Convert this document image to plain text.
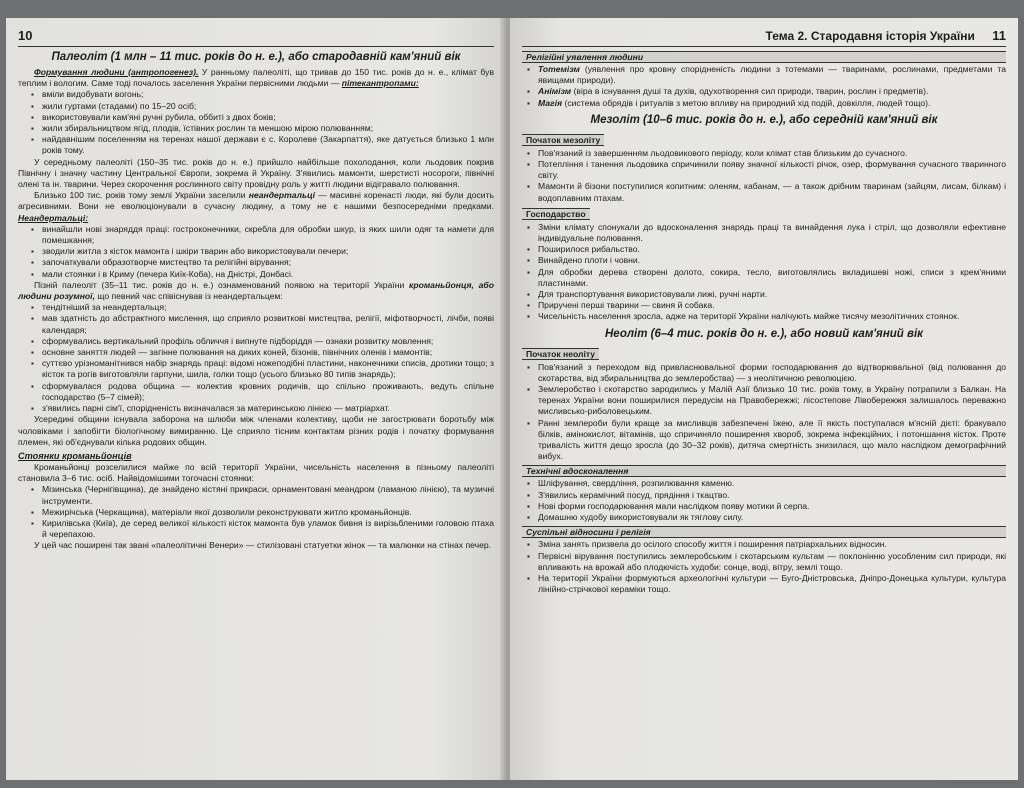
10
Палеоліт (1 млн – 11 тис. років до н. е.), або стародавній кам'яний вік

Формування людини (антропогенез). У ранньому палеоліті, що тривав до 150 тис. років до н. е., клімат був теплим і вологим. Саме тоді почалось заселення України первісними людьми — пітекантропами:

▪ вміли видобувати вогонь;
▪ жили гуртами (стадами) по 15–20 осіб;
▪ використовували кам'яні ручні рубила, оббиті з двох боків;
▪ жили збиральництвом ягід, плодів, їстівних рослин та меншою мірою полюванням;
▪ найдавнішим поселенням на теренах нашої держави є с. Королеве (Закарпаття), яке датується близько 1 млн років тому.

У середньому палеоліті (150–35 тис. років до н. е.) прийшло найбільше похолодання, коли льодовик покрив Північну і значну частину Центральної Європи, зокрема й Україну. З'явились мамонти, шерстисті носороги, північні олені та ін. тварини. Через скорочення рослинного світу провідну роль у житті людини відігравало полювання.

Близько 100 тис. років тому землі України заселили неандертальці — масивні коренасті люди, які були досить агресивними. Вони не еволюціонували в сучасну людину, а тому не є нашими безпосередніми предками. Неандертальці:

▪ винайшли нові знаряддя праці: гостроконечники, скребла для обробки шкур, із яких шили одяг та намети для помешкання;
▪ зводили житла з кісток мамонта і шкіри тварин або використовували печери;
▪ започаткували образотворче мистецтво та релігійні вірування;
▪ мали стоянки і в Криму (печера Киїк-Коба), на Дністрі, Донбасі.

Пізній палеоліт (35–11 тис. років до н. е.) ознаменований появою на території України кроманьйонця, або людини розумної, що певний час співіснував із неандертальцем:

▪ тендітніший за неандертальця;
▪ мав здатність до абстрактного мислення, що сприяло розвиткові мистецтва, релігії, міфотворчості, лічби, появі календаря;
▪ сформувались вертикальний профіль обличчя і випнуте підборіддя — ознаки розвитку мовлення;
▪ основне заняття людей — загінне полювання на диких коней, бізонів, північних оленів і мамонтів;
▪ суттєво урізноманітнився набір знарядь праці: відомі ножеподібні пластини, наконечники списів, дротики тощо; з кісток та рогів виготовляли гарпуни, шила, голки тощо (усього близько 80 типів знарядь);
▪ сформувалася родова община — колектив кровних родичів, що спільно проживають, ведуть спільне господарство (5–7 сімей);
▪ з'явились парні сім'ї, спорідненість визначалася за материнською лінією — матріархат.

Усередині общини існувала заборона на шлюби між членами колективу, щоби не загострювати боротьбу між чоловіками і запобігти біологічному вимиранню. Це сприяло тісним контактам різних родів і початку формування племен, які об'єднували кілька родових общин.

Стоянки кроманьйонців

Кроманьйонці розселилися майже по всій території України, чисельність населення в пізньому палеоліті становила 3–6 тис. осіб. Найвідомішими тогочасні стоянки:

▪ Мізинська (Чернігівщина), де знайдено кістяні прикраси, орнаментовані меандром (ламаною лінією), та музичні інструменти.
▪ Межирічська (Черкащина), матеріали якої дозволили реконструювати житло кроманьйонців.
▪ Кирилівська (Київ), де серед великої кількості кісток мамонта був уламок бивня із вирізьбленими головою птаха й черепахою.

У цей час поширені так звані «палеолітичні Венери» — стилізовані статуетки жінок — та малюнки на стінах печер.

Тема 2. Стародавня історія України 11
Релігійні уявлення людини
▪ Тотемізм (уявлення про кровну спорідненість людини з тотемами — тваринами, рослинами, предметами та явищами природи).
▪ Анімізм (віра в існування душі та духів, одухотворення сил природи, тварин, рослин і предметів).
▪ Магія (система обрядів і ритуалів з метою впливу на природний хід подій, довкілля, людей тощо).
Мезоліт (10–6 тис. років до н. е.), або середній кам'яний вік
Початок мезоліту
▪ Пов'язаний із завершенням льодовикового періоду, коли клімат став близьким до сучасного.
▪ Потепління і танення льодовика спричинили появу значної кількості річок, озер, формування сучасного тваринного світу.
▪ Мамонти й бізони поступилися копитним: оленям, кабанам, — а також дрібним тваринам (зайцям, лисам, білкам) і водоплавним птахам.
Господарство
▪ Зміни клімату спонукали до вдосконалення знарядь праці та винайдення лука і стріл, що дозволяли ефективне індивідуальне полювання.
▪ Поширилося рибальство.
▪ Винайдено плоти і човни.
▪ Для обробки дерева створені долото, сокира, тесло, виготовлялись вкладишеві ножі, списи з крем'яними пластинами.
▪ Для транспортування використовували лижі, ручні нарти.
▪ Приручені перші тварини — свиня й собака.
▪ Чисельність населення зросла, адже на території України налічують майже тисячу мезолітичних стоянок.
Неоліт (6–4 тис. років до н. е.), або новий кам'яний вік
Початок неоліту
▪ Пов'язаний з переходом від привласнювальної форми господарювання до відтворювальної (від полювання до скотарства, від збиральництва до землеробства) — з неолітичною революцією.
▪ Землеробство і скотарство зародились у Малій Азії близько 10 тис. років тому, в Україну потрапили з Балкан. На теренах України вони поширилися передусім на Правобережжі; лісостепове Лівобережжя залишалось переважно мисливсько-риболовецьким.
▪ Ранні землероби були краще за мисливців забезпечені їжею, але її якість поступалася м'ясній дієті: бракувало білків, амінокислот, вітамінів, що спричиняло поширення хвороб, зокрема інфекційних, і потоншання кісток. Проте тривалість життя дещо зросла (до 30–32 років), дитяча смертність знизилася, що мало наслідком демографічний вибух.
Технічні вдосконалення
▪ Шліфування, свердління, розпилювання каменю.
▪ З'явились керамічний посуд, прядіння і ткацтво.
▪ Нові форми господарювання мали наслідком появу мотики й серпа.
▪ Домашню худобу використовували як тяглову силу.
Суспільні відносини і релігія
▪ Зміна занять призвела до осілого способу життя і поширення патріархальних відносин.
▪ Первісні вірування поступились землеробським і скотарським культам — поклонінню уособленим сил природи, які впливають на врожай або плодючість худоби: сонце, воді, вітру, землі тощо.
▪ На території України формуються археологічні культури — Буго-Дністровська, Дніпро-Донецька культури, культура лінійно-стрічкової кераміки тощо.
